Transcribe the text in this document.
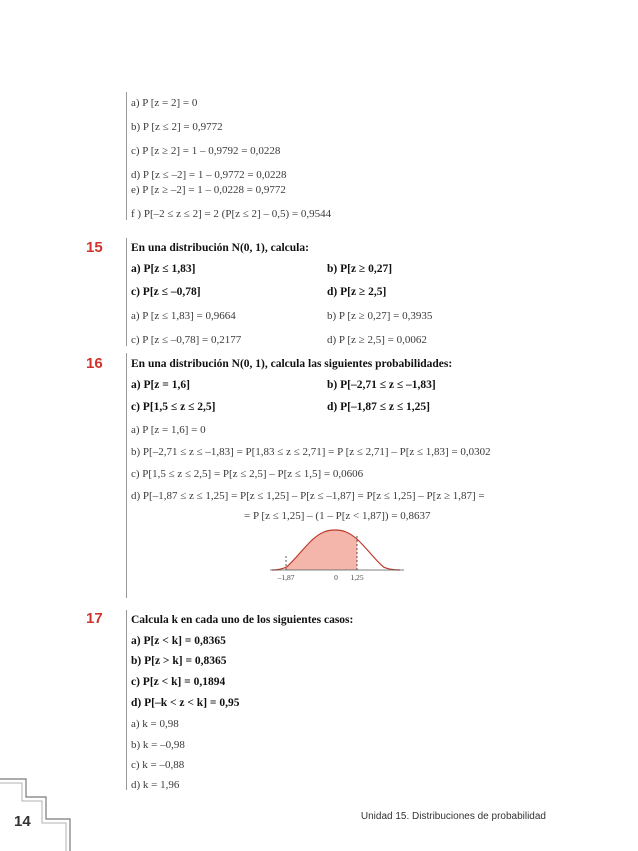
a) P [z = 2] = 0
b) P [z ≤ 2] = 0,9772
c) P [z ≥ 2] = 1 – 0,9792 = 0,0228
d) P [z ≤ –2] = 1 – 0,9772 = 0,0228
e) P [z ≥ –2] = 1 – 0,0228 = 0,9772
f ) P[–2 ≤ z ≤ 2] = 2 (P[z ≤ 2] – 0,5) = 0,9544
15 En una distribución N(0, 1), calcula:
a) P[z ≤ 1,83]	b) P[z ≥ 0,27]
c) P[z ≤ –0,78]	d) P[z ≥ 2,5]
a) P [z ≤ 1,83] = 0,9664	b) P [z ≥ 0,27] = 0,3935
c) P [z ≤ –0,78] = 0,2177	d) P [z ≥ 2,5] = 0,0062
16 En una distribución N(0, 1), calcula las siguientes probabilidades:
a) P[z = 1,6]	b) P[–2,71 ≤ z ≤ –1,83]
c) P[1,5 ≤ z ≤ 2,5]	d) P[–1,87 ≤ z ≤ 1,25]
a) P [z = 1,6] = 0
b) P[–2,71 ≤ z ≤ –1,83] = P[1,83 ≤ z ≤ 2,71] = P [z ≤ 2,71] – P[z ≤ 1,83] = 0,0302
c) P[1,5 ≤ z ≤ 2,5] = P[z ≤ 2,5] – P[z ≤ 1,5] = 0,0606
d) P[–1,87 ≤ z ≤ 1,25] = P[z ≤ 1,25] – P[z ≤ –1,87] = P[z ≤ 1,25] – P[z ≥ 1,87] =
= P [z ≤ 1,25] – (1 – P[z < 1,87]) = 0,8637
–1,87	0 1,25
17 Calcula k en cada uno de los siguientes casos:
a) P[z < k] = 0,8365
b) P[z > k] = 0,8365
c) P[z < k] = 0,1894
d) P[–k < z < k] = 0,95
a) k = 0,98
b) k = –0,98
c) k = –0,88
d) k = 1,96
14	Unidad 15. Distribuciones de probabilidad
